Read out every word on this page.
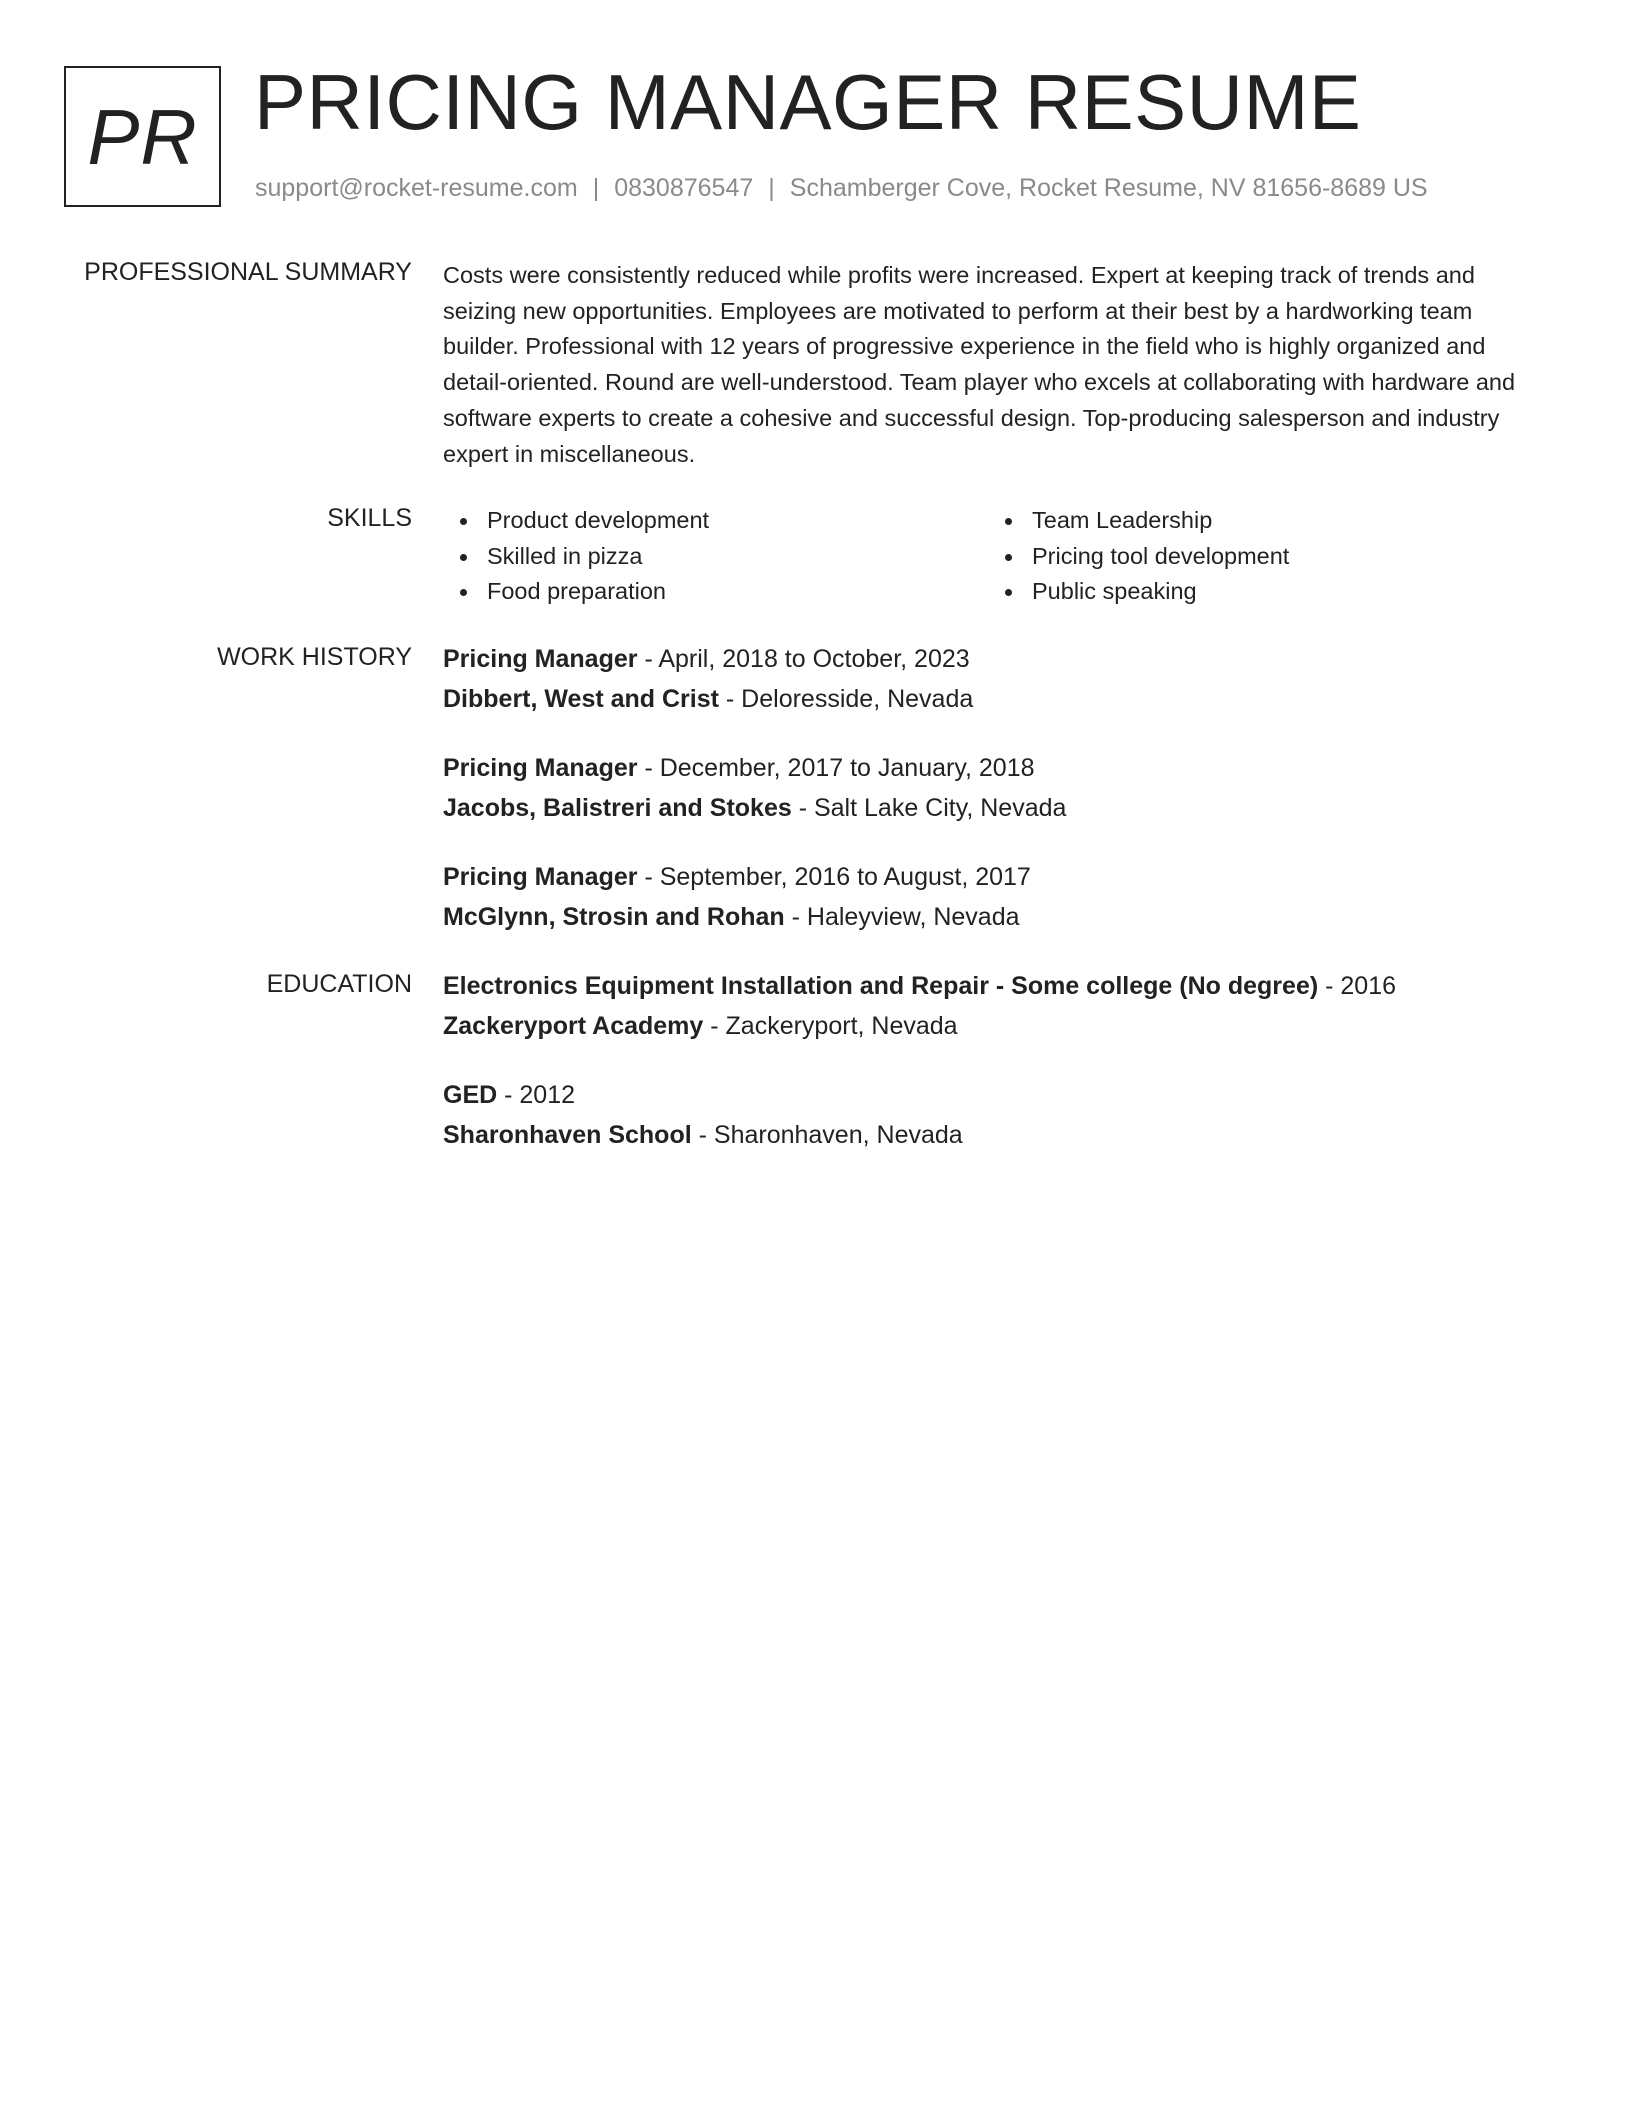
PR PRICING MANAGER RESUME
support@rocket-resume.com | 0830876547 | Schamberger Cove, Rocket Resume, NV 81656-8689 US
PROFESSIONAL SUMMARY Costs were consistently reduced while profits were increased. Expert at keeping track of trends and seizing new opportunities. Employees are motivated to perform at their best by a hardworking team builder. Professional with 12 years of progressive experience in the field who is highly organized and detail-oriented. Round are well-understood. Team player who excels at collaborating with hardware and software experts to create a cohesive and successful design. Top-producing salesperson and industry expert in miscellaneous.

SKILLS	Product development
Skilled in pizza
Food preparation
Team Leadership
Pricing tool development
Public speaking
WORK HISTORY Pricing Manager - April, 2018 to October, 2023
Dibbert, West and Crist - Deloresside, Nevada
Pricing Manager - December, 2017 to January, 2018
Jacobs, Balistreri and Stokes - Salt Lake City, Nevada
Pricing Manager - September, 2016 to August, 2017
McGlynn, Strosin and Rohan - Haleyview, Nevada
EDUCATION Electronics Equipment Installation and Repair - Some college (No degree) - 2016
Zackeryport Academy - Zackeryport, Nevada
GED - 2012
Sharonhaven School - Sharonhaven, Nevada
